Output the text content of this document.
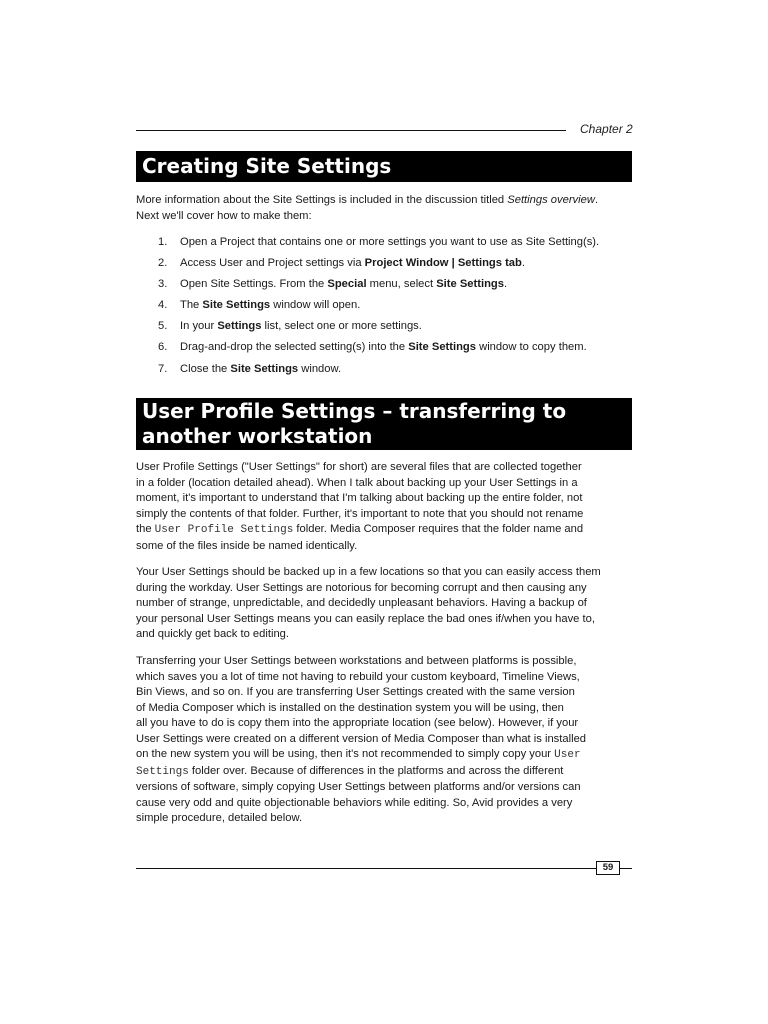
Chapter 2
Creating Site Settings

More information about the Site Settings is included in the discussion titled Settings overview.
Next we'll cover how to make them:

1.	Open a Project that contains one or more settings you want to use as Site Setting(s).
2.	Access User and Project settings via Project Window | Settings tab.
3.	Open Site Settings. From the Special menu, select Site Settings.
4.	The Site Settings window will open.
5.	In your Settings list, select one or more settings.
6.	Drag-and-drop the selected setting(s) into the Site Settings window to copy them.
7.	Close the Site Settings window.
User Profile Settings – transferring to
another workstation

User Profile Settings ("User Settings" for short) are several files that are collected together
in a folder (location detailed ahead). When I talk about backing up your User Settings in a
moment, it's important to understand that I'm talking about backing up the entire folder, not
simply the contents of that folder. Further, it's important to note that you should not rename
the User Profile Settings folder. Media Composer requires that the folder name and
some of the files inside be named identically.

Your User Settings should be backed up in a few locations so that you can easily access them
during the workday. User Settings are notorious for becoming corrupt and then causing any
number of strange, unpredictable, and decidedly unpleasant behaviors. Having a backup of
your personal User Settings means you can easily replace the bad ones if/when you have to,
and quickly get back to editing.

Transferring your User Settings between workstations and between platforms is possible,
which saves you a lot of time not having to rebuild your custom keyboard, Timeline Views,
Bin Views, and so on. If you are transferring User Settings created with the same version
of Media Composer which is installed on the destination system you will be using, then
all you have to do is copy them into the appropriate location (see below). However, if your
User Settings were created on a different version of Media Composer than what is installed
on the new system you will be using, then it's not recommended to simply copy your User
Settings folder over. Because of differences in the platforms and across the different
versions of software, simply copying User Settings between platforms and/or versions can
cause very odd and quite objectionable behaviors while editing. So, Avid provides a very
simple procedure, detailed below.

59
